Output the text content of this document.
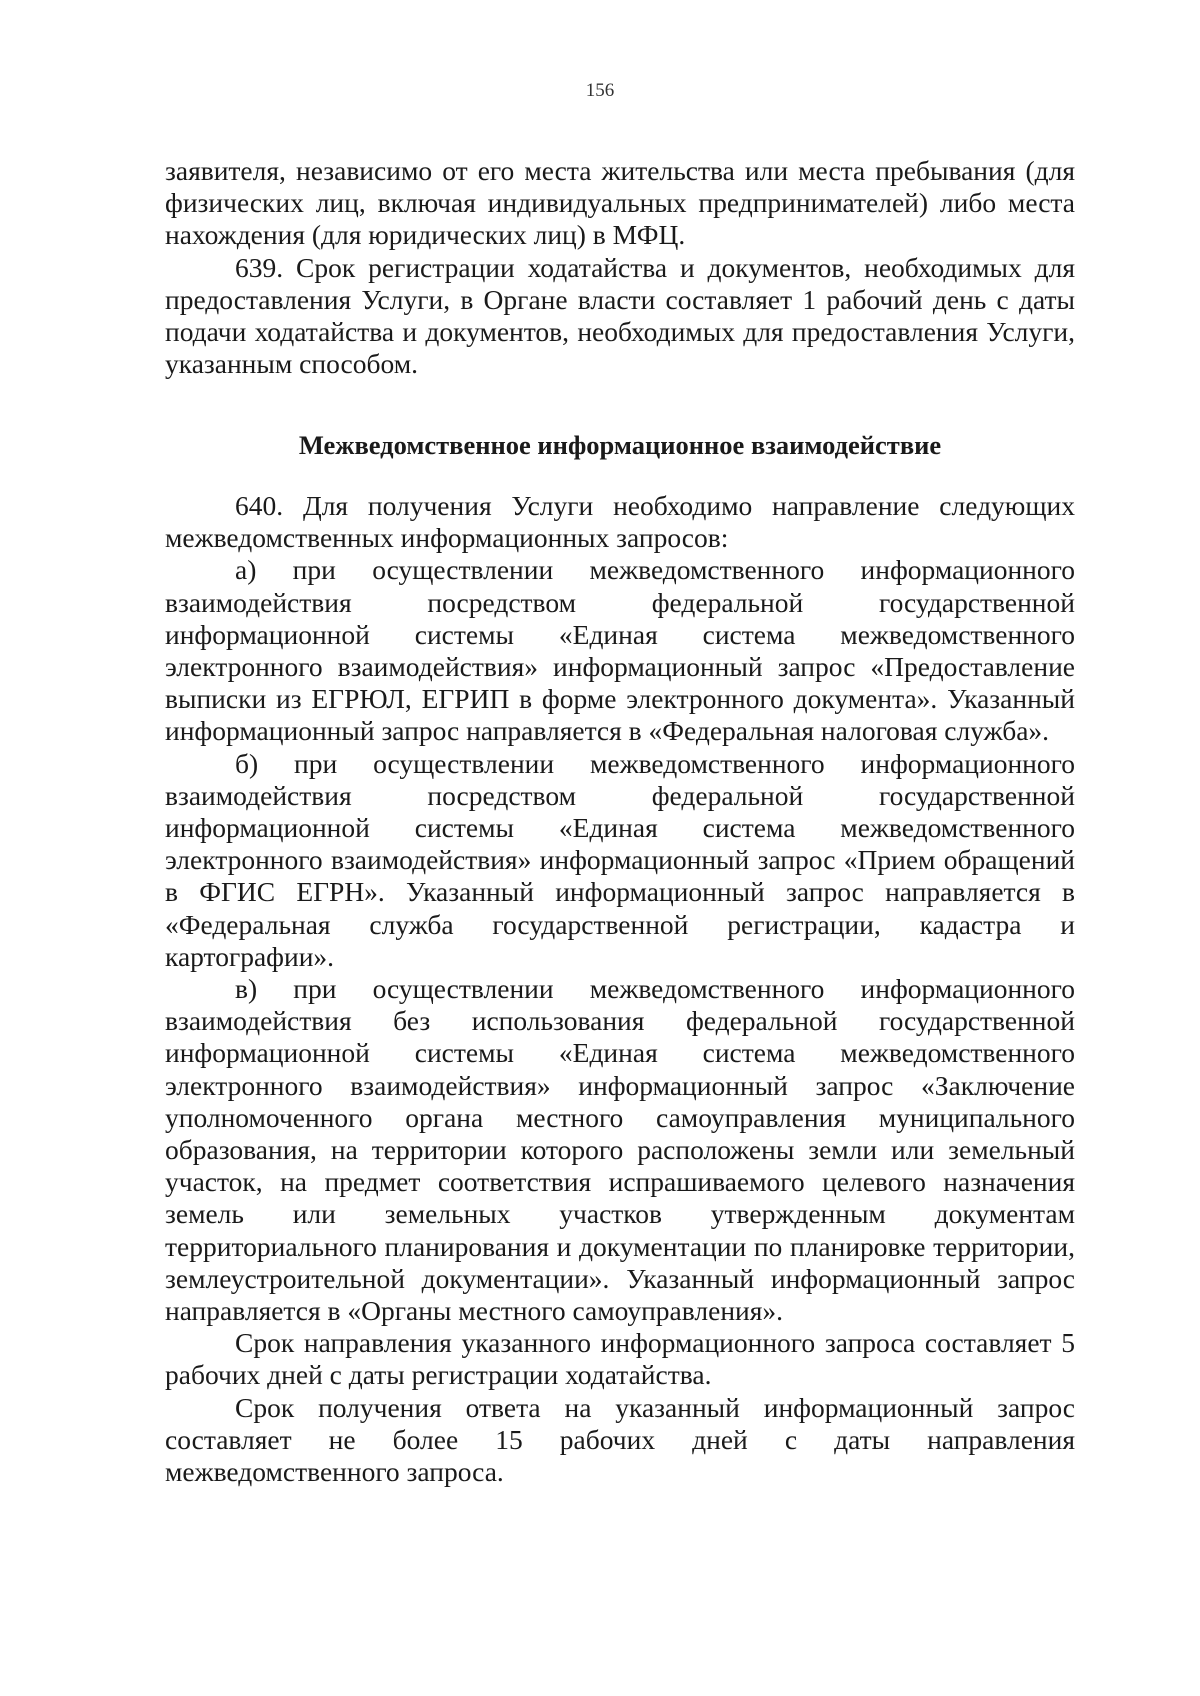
156

заявителя, независимо от его места жительства или места пребывания (для физических лиц, включая индивидуальных предпринимателей) либо места нахождения (для юридических лиц) в МФЦ.

639. Срок регистрации ходатайства и документов, необходимых для предоставления Услуги, в Органе власти составляет 1 рабочий день с даты подачи ходатайства и документов, необходимых для предоставления Услуги, указанным способом.

Межведомственное информационное взаимодействие

640. Для получения Услуги необходимо направление следующих межведомственных информационных запросов:

а) при осуществлении межведомственного информационного взаимодействия посредством федеральной государственной информационной системы «Единая система межведомственного электронного взаимодействия» информационный запрос «Предоставление выписки из ЕГРЮЛ, ЕГРИП в форме электронного документа». Указанный информационный запрос направляется в «Федеральная налоговая служба».

б) при осуществлении межведомственного информационного взаимодействия посредством федеральной государственной информационной системы «Единая система межведомственного электронного взаимодействия» информационный запрос «Прием обращений в ФГИС ЕГРН». Указанный информационный запрос направляется в «Федеральная служба государственной регистрации, кадастра и картографии».

в) при осуществлении межведомственного информационного взаимодействия без использования федеральной государственной информационной системы «Единая система межведомственного электронного взаимодействия» информационный запрос «Заключение уполномоченного органа местного самоуправления муниципального образования, на территории которого расположены земли или земельный участок, на предмет соответствия испрашиваемого целевого назначения земель или земельных участков утвержденным документам территориального планирования и документации по планировке территории, землеустроительной документации». Указанный информационный запрос направляется в «Органы местного самоуправления».

Срок направления указанного информационного запроса составляет 5 рабочих дней с даты регистрации ходатайства.

Срок получения ответа на указанный информационный запрос составляет не более 15 рабочих дней с даты направления межведомственного запроса.
